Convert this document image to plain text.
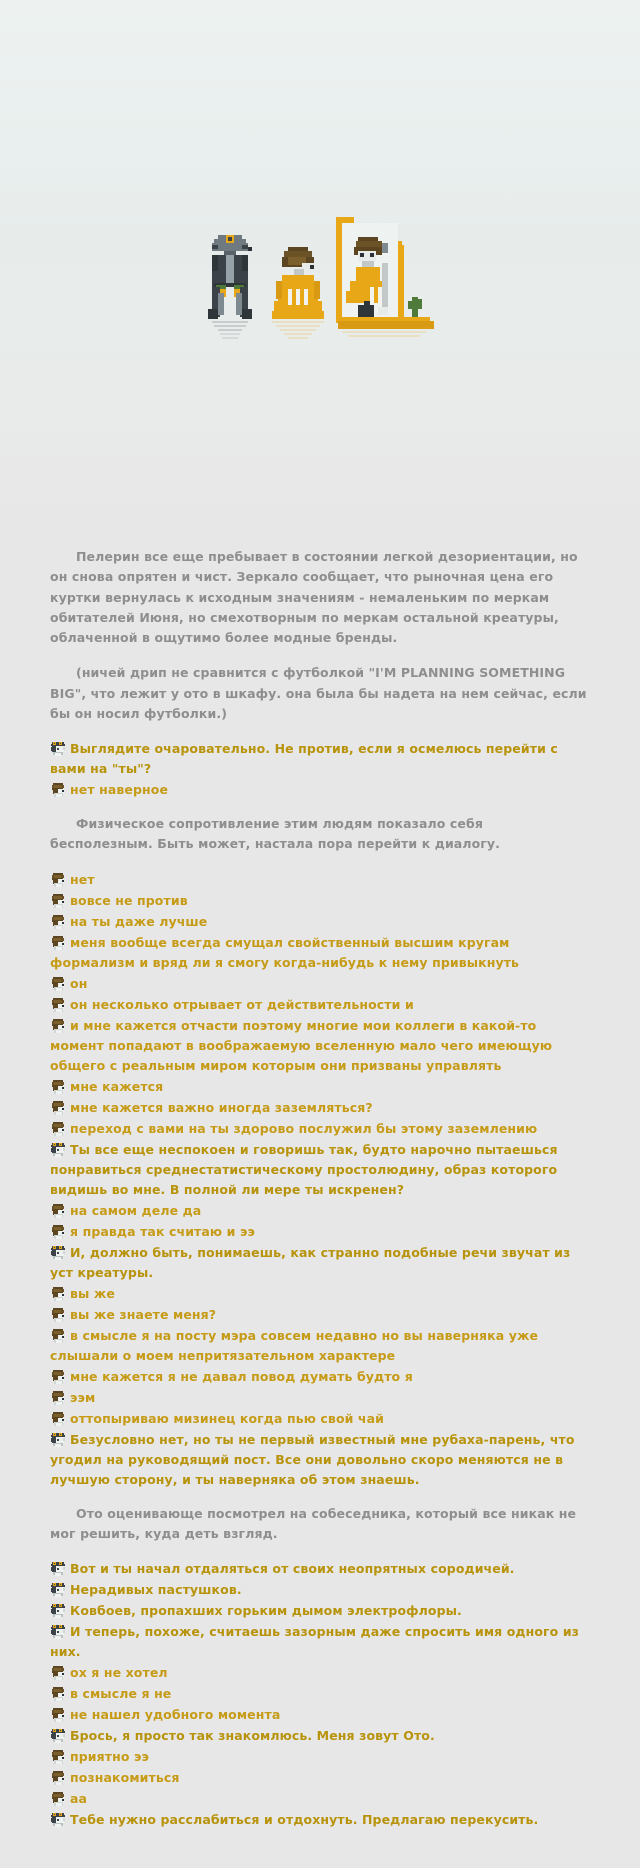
Пелерин все еще пребывает в состоянии легкой дезориентации, но он снова опрятен и чист. Зеркало сообщает, что рыночная цена его куртки вернулась к исходным значениям - немаленьким по меркам обитателей Июня, но смехотворным по меркам остальной креатуры, облаченной в ощутимо более модные бренды.

(ничей дрип не сравнится с футболкой "I'M PLANNING SOMETHING BIG", что лежит у ото в шкафу. она была бы надета на нем сейчас, если бы он носил футболки.)

Выглядите очаровательно. Не против, если я осмелюсь перейти с вами на "ты"?
нет наверное

Физическое сопротивление этим людям показало себя бесполезным. Быть может, настала пора перейти к диалогу.

нет
вовсе не против
на ты даже лучше
меня вообще всегда смущал свойственный высшим кругам формализм и вряд ли я смогу когда-нибудь к нему привыкнуть
он
он несколько отрывает от действительности и
и мне кажется отчасти поэтому многие мои коллеги в какой-то момент попадают в воображаемую вселенную мало чего имеющую общего с реальным миром которым они призваны управлять
мне кажется
мне кажется важно иногда заземляться?
переход с вами на ты здорово послужил бы этому заземлению
Ты все еще неспокоен и говоришь так, будто нарочно пытаешься понравиться среднестатистическому простолюдину, образ которого видишь во мне. В полной ли мере ты искренен?
на самом деле да
я правда так считаю и ээ
И, должно быть, понимаешь, как странно подобные речи звучат из уст креатуры.
вы же
вы же знаете меня?
в смысле я на посту мэра совсем недавно но вы наверняка уже слышали о моем непритязательном характере
мне кажется я не давал повод думать будто я
ээм
оттопыриваю мизинец когда пью свой чай
Безусловно нет, но ты не первый известный мне рубаха-парень, что угодил на руководящий пост. Все они довольно скоро меняются не в лучшую сторону, и ты наверняка об этом знаешь.

Ото оценивающе посмотрел на собеседника, который все никак не мог решить, куда деть взгляд.

Вот и ты начал отдаляться от своих неопрятных сородичей.
Нерадивых пастушков.
Ковбоев, пропахших горьким дымом электрофлоры.
И теперь, похоже, считаешь зазорным даже спросить имя одного из них.
ох я не хотел
в смысле я не
не нашел удобного момента
Брось, я просто так знакомлюсь. Меня зовут Ото.
приятно ээ
познакомиться
аа
Тебе нужно расслабиться и отдохнуть. Предлагаю перекусить.
